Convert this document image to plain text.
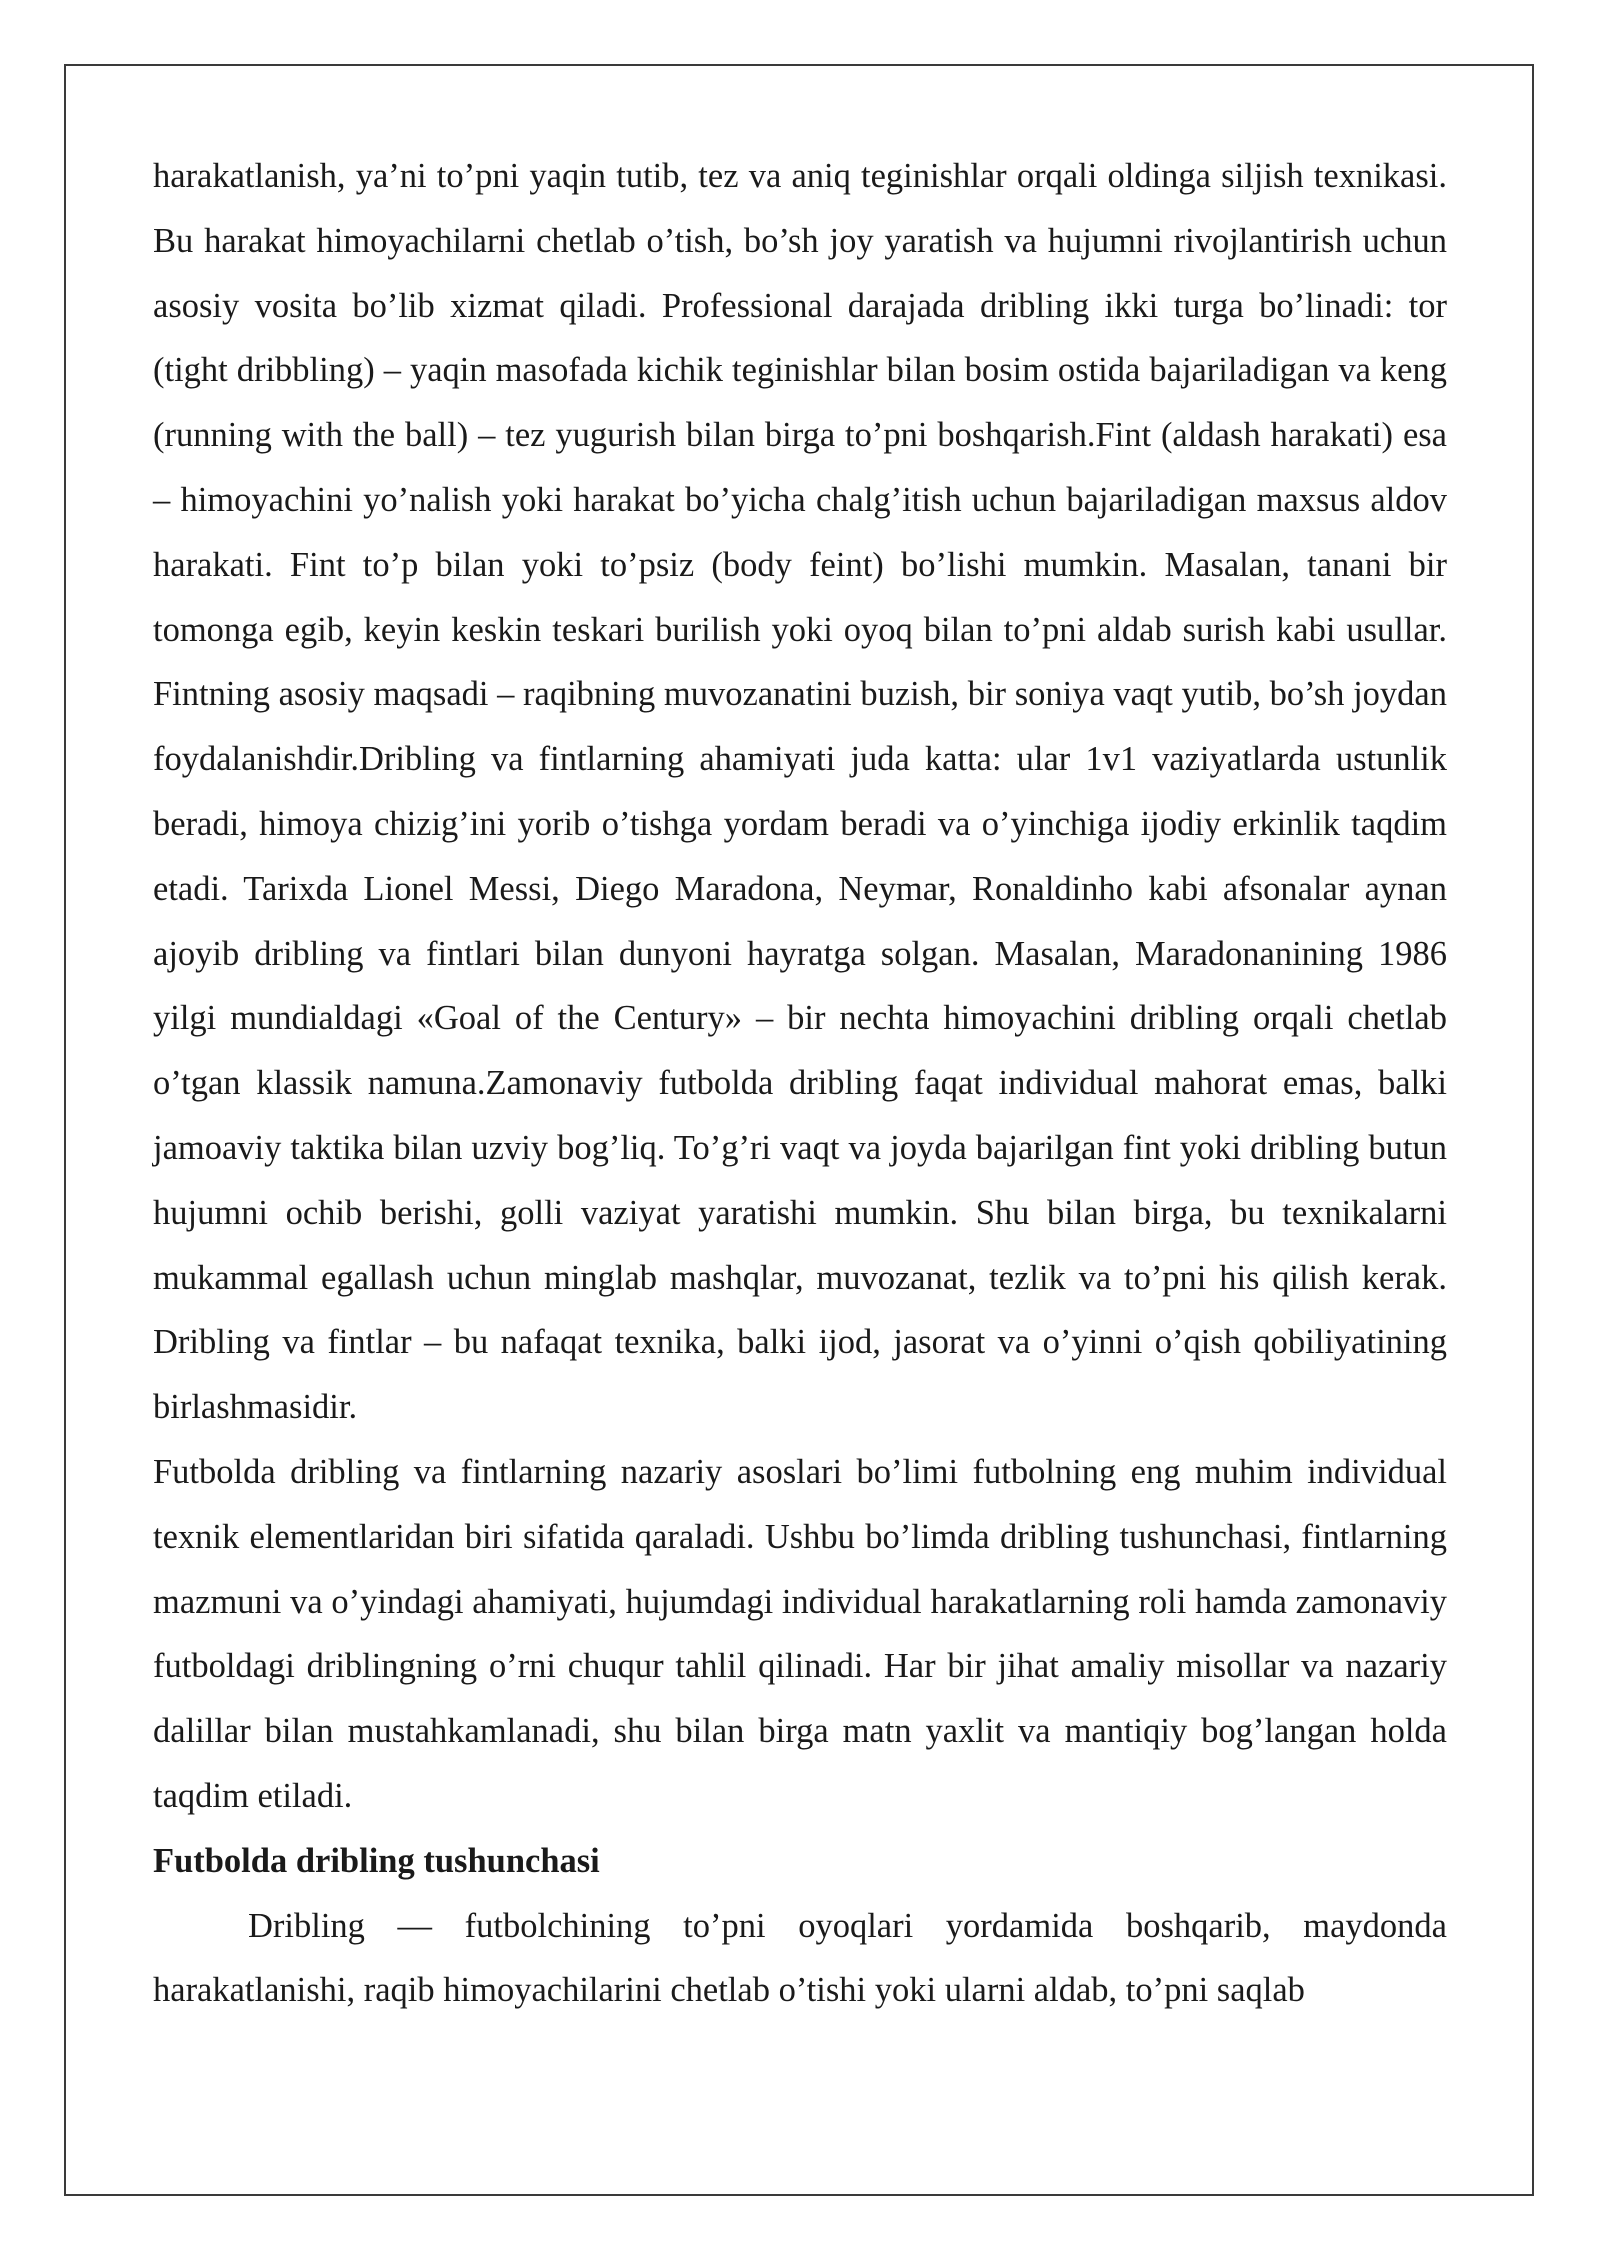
harakatlanish, ya’ni to’pni yaqin tutib, tez va aniq teginishlar orqali oldinga siljish texnikasi. Bu harakat himoyachilarni chetlab o’tish, bo’sh joy yaratish va hujumni rivojlantirish uchun asosiy vosita bo’lib xizmat qiladi. Professional darajada dribling ikki turga bo’linadi: tor (tight dribbling) – yaqin masofada kichik teginishlar bilan bosim ostida bajariladigan va keng (running with the ball) – tez yugurish bilan birga to’pni boshqarish.Fint (aldash harakati) esa – himoyachini yo’nalish yoki harakat bo’yicha chalg’itish uchun bajariladigan maxsus aldov harakati. Fint to’p bilan yoki to’psiz (body feint) bo’lishi mumkin. Masalan, tanani bir tomonga egib, keyin keskin teskari burilish yoki oyoq bilan to’pni aldab surish kabi usullar. Fintning asosiy maqsadi – raqibning muvozanatini buzish, bir soniya vaqt yutib, bo’sh joydan foydalanishdir.Dribling va fintlarning ahamiyati juda katta: ular 1v1 vaziyatlarda ustunlik beradi, himoya chizig’ini yorib o’tishga yordam beradi va o’yinchiga ijodiy erkinlik taqdim etadi. Tarixda Lionel Messi, Diego Maradona, Neymar, Ronaldinho kabi afsonalar aynan ajoyib dribling va fintlari bilan dunyoni hayratga solgan. Masalan, Maradonanining 1986 yilgi mundialdagi «Goal of the Century» – bir nechta himoyachini dribling orqali chetlab o’tgan klassik namuna.Zamonaviy futbolda dribling faqat individual mahorat emas, balki jamoaviy taktika bilan uzviy bog’liq. To’g’ri vaqt va joyda bajarilgan fint yoki dribling butun hujumni ochib berishi, golli vaziyat yaratishi mumkin. Shu bilan birga, bu texnikalarni mukammal egallash uchun minglab mashqlar, muvozanat, tezlik va to’pni his qilish kerak. Dribling va fintlar – bu nafaqat texnika, balki ijod, jasorat va o’yinni o’qish qobiliyatining birlashmasidir.

Futbolda dribling va fintlarning nazariy asoslari bo’limi futbolning eng muhim individual texnik elementlaridan biri sifatida qaraladi. Ushbu bo’limda dribling tushunchasi, fintlarning mazmuni va o’yindagi ahamiyati, hujumdagi individual harakatlarning roli hamda zamonaviy futboldagi driblingning o’rni chuqur tahlil qilinadi. Har bir jihat amaliy misollar va nazariy dalillar bilan mustahkamlanadi, shu bilan birga matn yaxlit va mantiqiy bog’langan holda taqdim etiladi.

Futbolda dribling tushunchasi

Dribling — futbolchining to’pni oyoqlari yordamida boshqarib, maydonda harakatlanishi, raqib himoyachilarini chetlab o’tishi yoki ularni aldab, to’pni saqlab
